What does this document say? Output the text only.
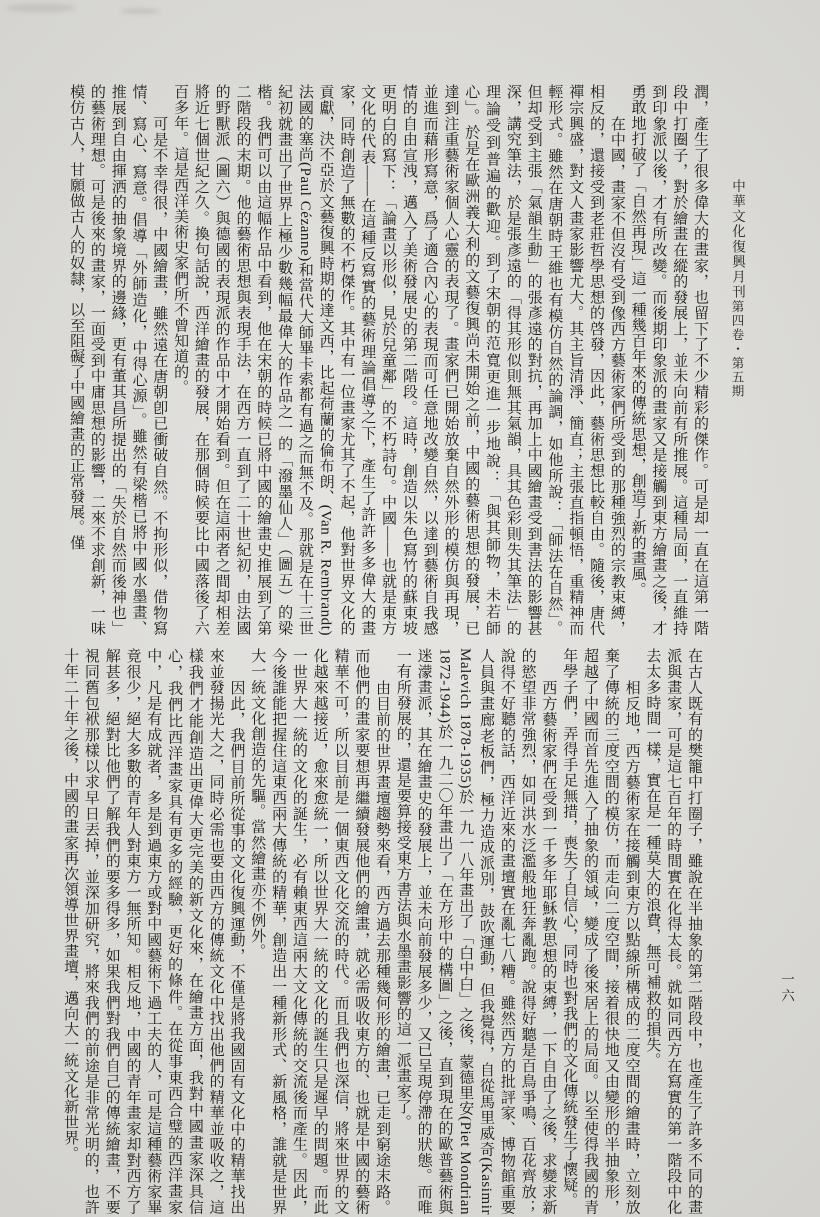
中華文化復興月刊第四卷・第五期
一六

潤，產生了很多偉大的畫家，也留下了不少精彩的傑作。可是却一直在這第一階段中打圈子，對於繪畫在縱的發展上，並未向前有所推展。這種局面，一直維持到印象派以後，才有所改變。而後期印象派的畫家又是接觸到東方繪畫之後，才勇敢地打破了「自然再現」這一種幾百年來的傳統思想，創造了新的畫風。

在中國，畫家不但沒有受到像西方藝術家們所受到的那種強烈的宗教束縛，相反的，還接受到老莊哲學思想的啓發，因此，藝術思想比較自由。隨後，唐代禪宗興盛，對文人畫家影響尤大。其主旨清淨、簡直；主張直指頓悟，重精神而輕形式。雖然在唐朝時王維也有模仿自然的論調，如他所說：「師法在自然」。但却受到主張「氣韻生動」的張彥遠的對抗，再加上中國繪畫受到書法的影響甚深，講究筆法，於是張彥遠的「得其形似則無其氣韻，具其色彩則失其筆法」的理論受到普遍的歡迎。到了宋朝的范寬更進一步地說：「與其師物，未若師心」。於是在歐洲義大利的文藝復興尚未開始之前，中國的藝術思想的發展，已達到注重藝術家個人心靈的表現了。畫家們已開始放棄自然外形的模仿與再現，並進而藉形寫意，爲了適合內心的表現而可任意地改變自然，以達到藝術自我感情的自由宣洩，邁入了美術發展史的第二階段。這時，創造以朱色寫竹的蘇東坡更明白的寫下：「論畫以形似，見於兒童鄰」的不朽詩句。中國——也就是東方文化的代表——在這種反寫實的藝術理論倡導之下，產生了許許多多偉大的畫家，同時創造了無數的不朽傑作。其中有一位畫家尤其了不起，他對世界文化的貢獻，決不亞於文藝復興時期的達文西，比起荷蘭的倫布朗、(Van R. Rembrandt)法國的塞尚(Paul Cézanne)和當代大師畢卡索都有過之而無不及。那就是在十三世紀初就畫出了世界上極少數幾幅最偉大的作品之一的「潑墨仙人」（圖五）的梁楷。我們可以由這幅作品中看到，他在宋朝的時候已將中國的繪畫史推展到了第二階段的末期。他的藝術思想與表現手法，在西方一直到了二十世紀初，由法國的野獸派（圖六）與德國的表現派的作品中才開始看到。但在這兩者之間却相差將近七個世紀之久。換句話說，西洋繪畫的發展，在那個時候要比中國落後了六百多年。這是西洋美術史家們所不曾知道的。

可是不幸得很，中國繪畫，雖然遠在唐朝卽已衝破自然。不拘形似，借物寫情、寫心、寫意。倡導「外師造化，中得心源」。雖然有梁楷已將中國水墨畫、推展到自由揮洒的抽象境界的邊緣，更有董其昌所提出的「失於自然而後神也」的藝術理想。可是後來的畫家，一面受到中庸思想的影響，二來不求創新，一味模仿古人，甘願做古人的奴隸，以至阻礙了中國繪畫的正常發展。僅

在古人既有的樊籠中打圈子，雖說在半抽象的第二階段中，也產生了許多不同的畫派與畫家，可是這七百年的時間實在化得太長。就如同西方在寫實的第一階段中化去太多時間一樣，實在是一種莫大的浪費，無可補救的損失。

相反地，西方藝術家在接觸到東方以點線所構成的二度空間的繪畫時，立刻放棄了傳統的三度空間的模仿，而走向二度空間，接着很快地又由變形的半抽象形，超越了中國而首先進入了抽象的領域，變成了後來居上的局面。以至使得我國的青年學子們，弄得手足無措，喪失了自信心，同時也對我們的文化傳統發生了懷疑。

西方藝術家們在受到一千多年耶穌教思想的束縛，一下自由了之後，求變求新的慾望非常強烈，如同洪水泛濫般地狂奔亂跑。說得好聽是百鳥爭鳴、百花齊放；說得不好聽的話，西洋近來的畫壇實在亂七八糟。雖然西方的批評家、博物館重要人員與畫廊老板們，極力造成派別，鼓吹運動，但我覺得，自從馬里威奇(Kasimir Malevich 1878-1935)於一九一八年畫出了「白中白」之後，蒙德里安(Piet Mondrian 1872-1944)於一九二〇年畫出了「在方形中的構圖」之後，直到現在的歐普藝術與迷濛畫派，其在繪畫史的發展上，並未向前發展多少，又已呈現停滯的狀態。而唯一有所發展的，還是要算接受東方書法與水墨畫影響的這一派畫家了。

由目前的世界畫壇趨勢來看，西方過去那種幾何形的繪畫，已走到窮途末路。而他們的畫家要想再繼續發展他們的繪畫，就必需吸收東方的、也就是中國的藝術精華不可，所以目前是一個東西文化交流的時代。而且我們也深信，將來世界的文化越來越接近，愈來愈統一，所以世界大一統的文化的誕生只是遲早的問題。而此一世界大一統的文化的誕生，必有賴東西這兩大文化傳統的交流後而產生。因此，今後誰能把握住這東西兩大傳統的精華，創造出一種新形式、新風格，誰就是世界大一統文化創造的先驅。當然繪畫亦不例外。

因此，我們目前所從事的文化復興運動，不僅是將我國固有文化中的精華找出來並發揚光大之，同時必需也要由西方的傳統文化中找出他們的精華並吸收之，這樣我們才能創造出更偉大更完美的新文化來，在繪畫方面，我對中國畫家深具信心，我們比西洋畫家具有更多的經驗，更好的條件。在從事東西合璧的西洋畫家中，凡是有成就者，多是到過東方或對中國藝術下過工夫的人，可是這種藝術家畢竟很少，絕大多數的青年人對東方一無所知。相反地，中國的青年畫家却對西方了解甚多，絕對比他們了解我們的要多得多，如果我們對我們自己的傳統繪畫，不要視同舊包袱那樣以求早日丟掉，並深加研究，將來我們的前途是非常光明的，也許十年二十年之後，中國的畫家再次領導世界畫壇，邁向大一統文化新世界。
